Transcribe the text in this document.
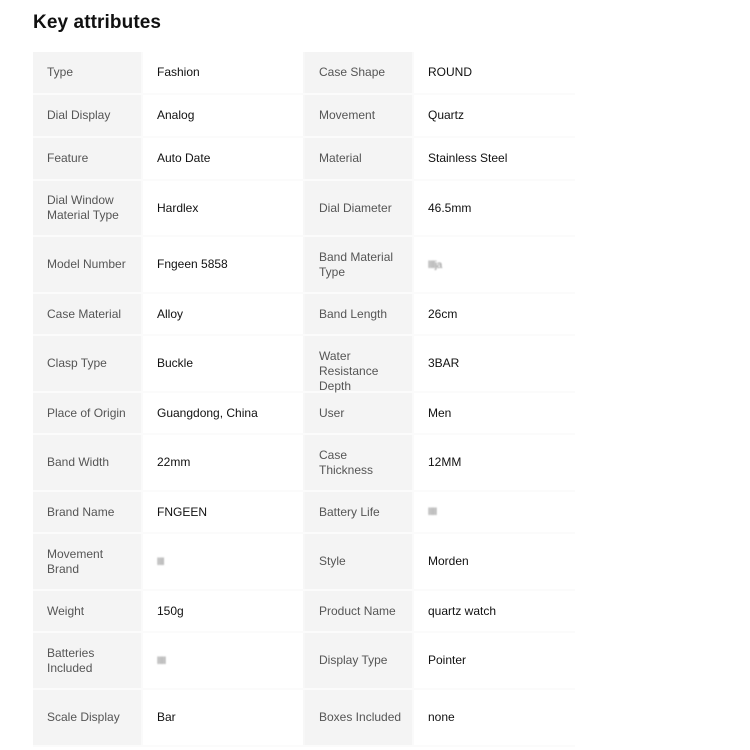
Key attributes
Type	Fashion	Case Shape	ROUND

Dial Display	Analog	Movement	Quartz

Feature	Auto Date	Material	Stainless Steel

Dial Window Material Type	Hardlex	Dial Diameter	46.5mm

Model Number	Fngeen 5858	Band Material Type	llllja

Case Material	Alloy	Band Length	26cm

Clasp Type	Buckle	Water Resistance Depth	3BAR

Place of Origin	Guangdong, China	User	Men

Band Width	22mm	Case Thickness	12MM

Brand Name	FNGEEN	Battery Life	lllll

Movement Brand	llll	Style	Morden

Weight	150g	Product Name	quartz watch

Batteries Included	lllll	Display Type	Pointer

Scale Display	Bar	Boxes Included	none
